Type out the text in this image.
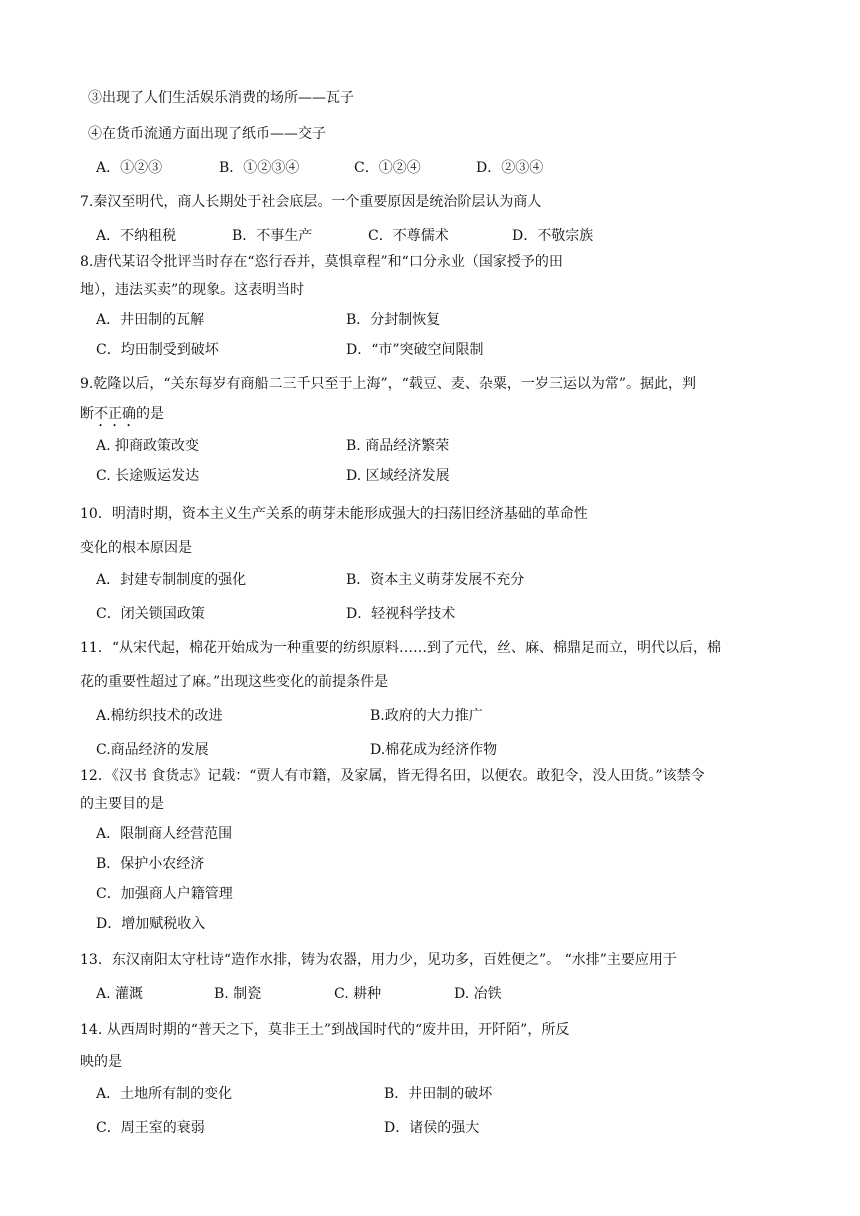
③出现了人们生活娱乐消费的场所——瓦子
④在货币流通方面出现了纸币——交子
A．①②③	B．①②③④	C．①②④	D．②③④
7.秦汉至明代，商人长期处于社会底层。一个重要原因是统治阶层认为商人
A．不纳租税	B．不事生产	C．不尊儒术	D．不敬宗族
8.唐代某诏令批评当时存在“恣行吞并，莫惧章程”和“口分永业（国家授予的田
地），违法买卖”的现象。这表明当时
A．井田制的瓦解	B．分封制恢复
C．均田制受到破坏	D．“市”突破空间限制
9.乾隆以后，“关东每岁有商船二三千只至于上海”，“载豆、麦、杂粟，一岁三运以为常”。据此，判
断不正确的是
A. 抑商政策改变	B. 商品经济繁荣
C. 长途贩运发达	D. 区域经济发展
10．明清时期，资本主义生产关系的萌芽未能形成强大的扫荡旧经济基础的革命性
变化的根本原因是
A．封建专制制度的强化	B．资本主义萌芽发展不充分
C．闭关锁国政策	D．轻视科学技术
11．“从宋代起，棉花开始成为一种重要的纺织原料……到了元代，丝、麻、棉鼎足而立，明代以后，棉
花的重要性超过了麻。”出现这些变化的前提条件是
A.棉纺织技术的改进	B.政府的大力推广
C.商品经济的发展	D.棉花成为经济作物
12．《汉书 食货志》记载：“贾人有市籍，及家属，皆无得名田，以便农。敢犯令，没人田货。”该禁令
的主要目的是
A．限制商人经营范围
B．保护小农经济
C．加强商人户籍管理
D．增加赋税收入
13．东汉南阳太守杜诗“造作水排，铸为农器，用力少，见功多，百姓便之”。 “水排”主要应用于
A. 灌溉	B. 制瓷	C. 耕种	D. 冶铁
14. 从西周时期的“普天之下，莫非王土”到战国时代的“废井田，开阡陌”，所反
映的是
A．土地所有制的变化	B．井田制的破坏
C．周王室的衰弱	D．诸侯的强大
